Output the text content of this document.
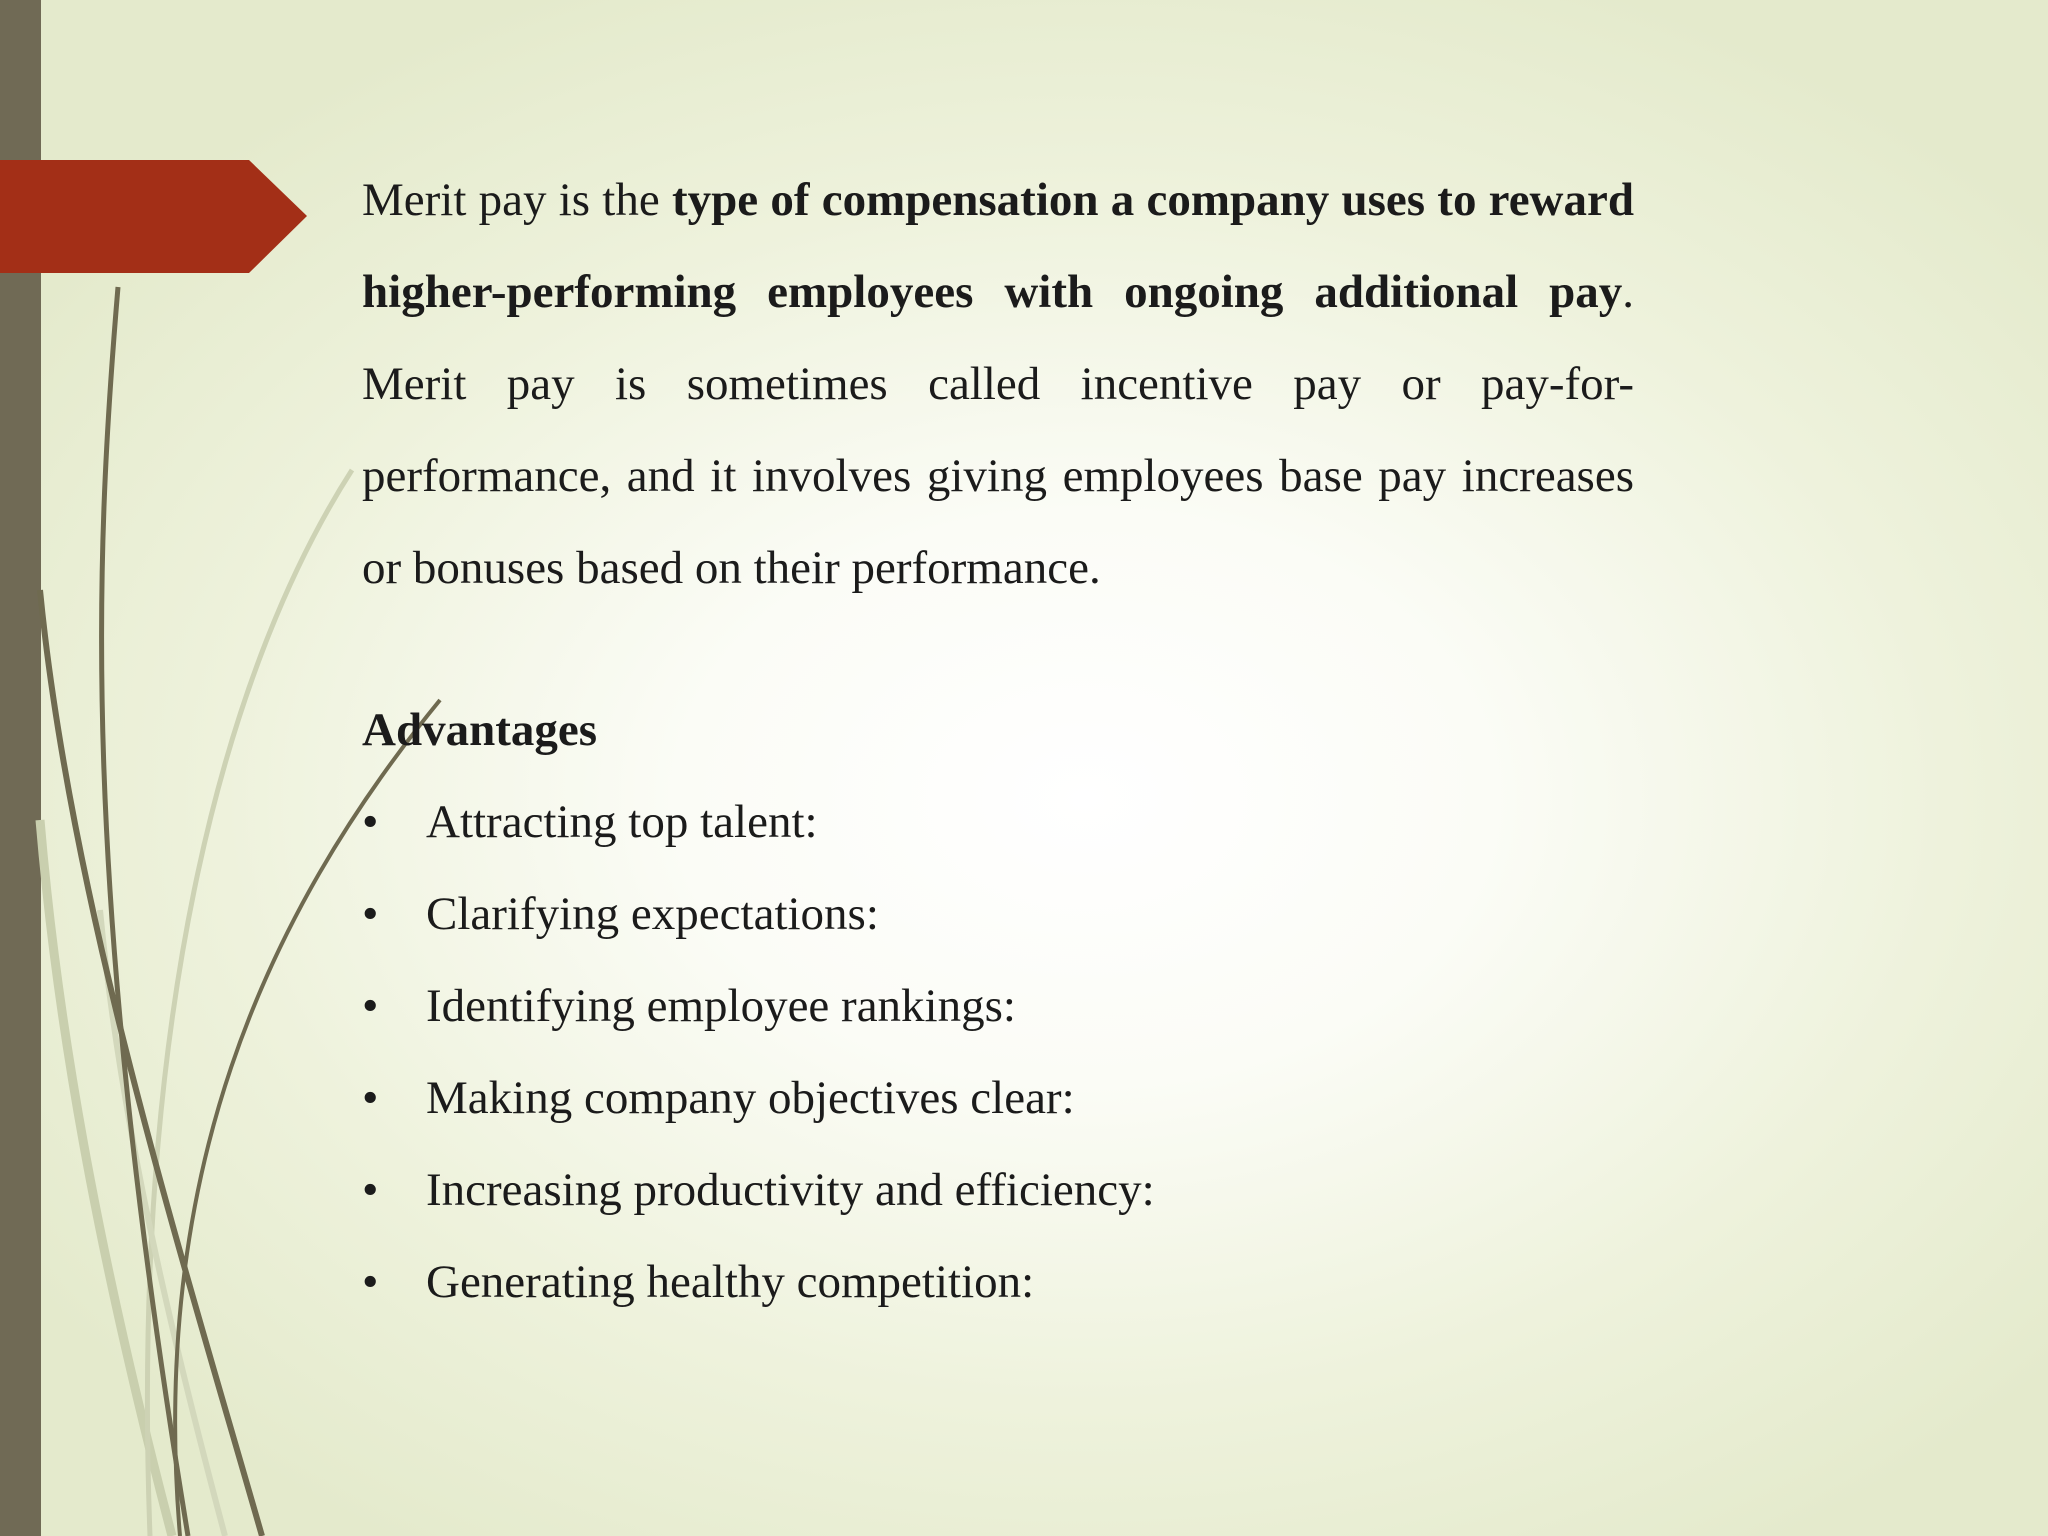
Merit pay is the type of compensation a company uses to reward higher-performing employees with ongoing additional pay. Merit pay is sometimes called incentive pay or pay-for-performance, and it involves giving employees base pay increases or bonuses based on their performance.

Advantages
• Attracting top talent:
• Clarifying expectations:
• Identifying employee rankings:
• Making company objectives clear:
• Increasing productivity and efficiency:
• Generating healthy competition:
